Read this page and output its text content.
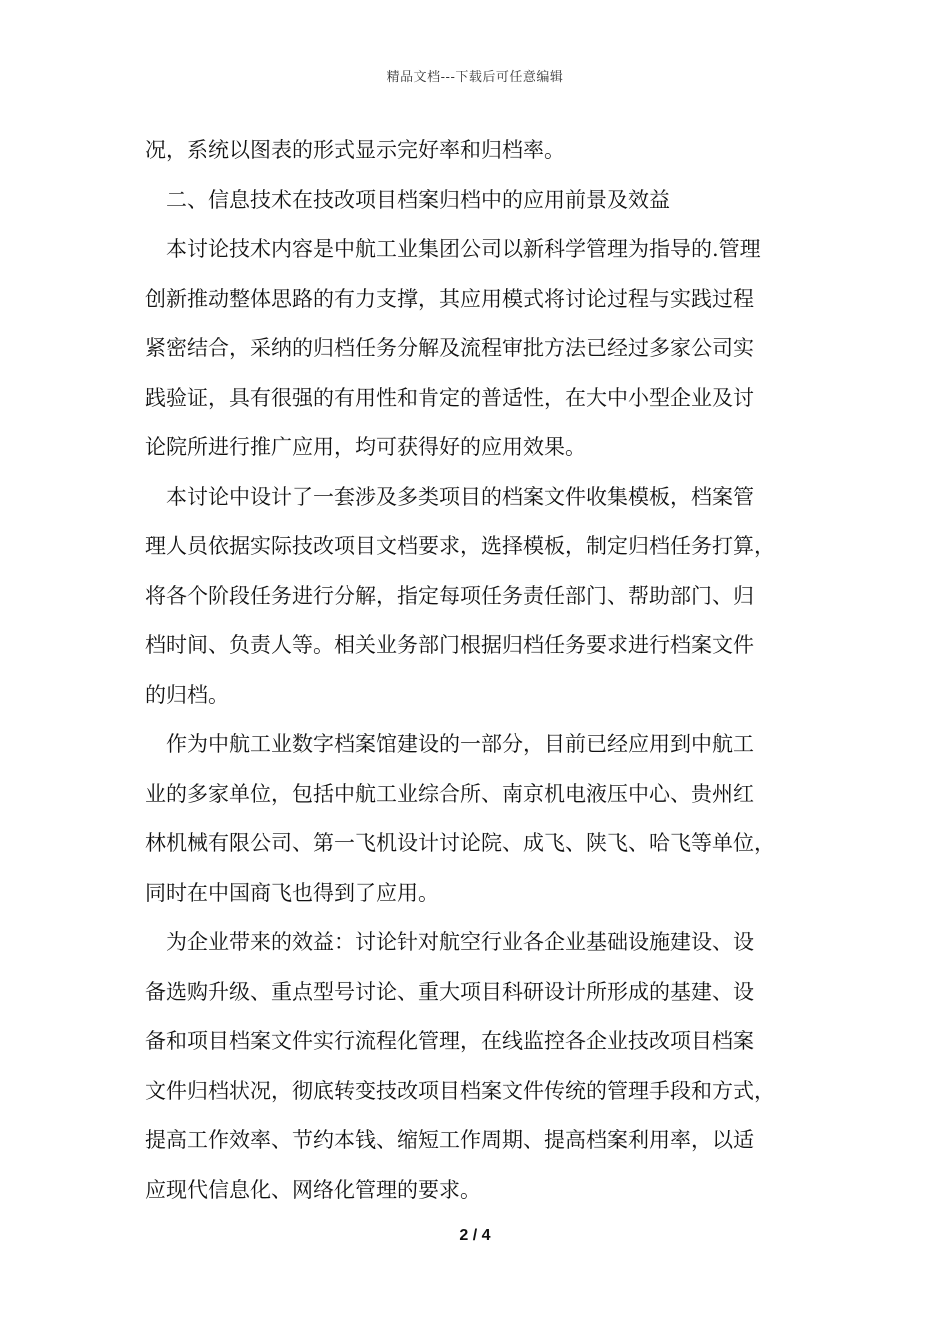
精品文档---下载后可任意编辑

况，系统以图表的形式显示完好率和归档率。

二、信息技术在技改项目档案归档中的应用前景及效益

本讨论技术内容是中航工业集团公司以新科学管理为指导的.管理
创新推动整体思路的有力支撑，其应用模式将讨论过程与实践过程
紧密结合，采纳的归档任务分解及流程审批方法已经过多家公司实
践验证，具有很强的有用性和肯定的普适性，在大中小型企业及讨
论院所进行推广应用，均可获得好的应用效果。

本讨论中设计了一套涉及多类项目的档案文件收集模板，档案管
理人员依据实际技改项目文档要求，选择模板，制定归档任务打算，
将各个阶段任务进行分解，指定每项任务责任部门、帮助部门、归
档时间、负责人等。相关业务部门根据归档任务要求进行档案文件
的归档。

作为中航工业数字档案馆建设的一部分，目前已经应用到中航工
业的多家单位，包括中航工业综合所、南京机电液压中心、贵州红
林机械有限公司、第一飞机设计讨论院、成飞、陕飞、哈飞等单位，
同时在中国商飞也得到了应用。

为企业带来的效益：讨论针对航空行业各企业基础设施建设、设
备选购升级、重点型号讨论、重大项目科研设计所形成的基建、设
备和项目档案文件实行流程化管理，在线监控各企业技改项目档案
文件归档状况，彻底转变技改项目档案文件传统的管理手段和方式，
提高工作效率、节约本钱、缩短工作周期、提高档案利用率，以适
应现代信息化、网络化管理的要求。

2 / 4
